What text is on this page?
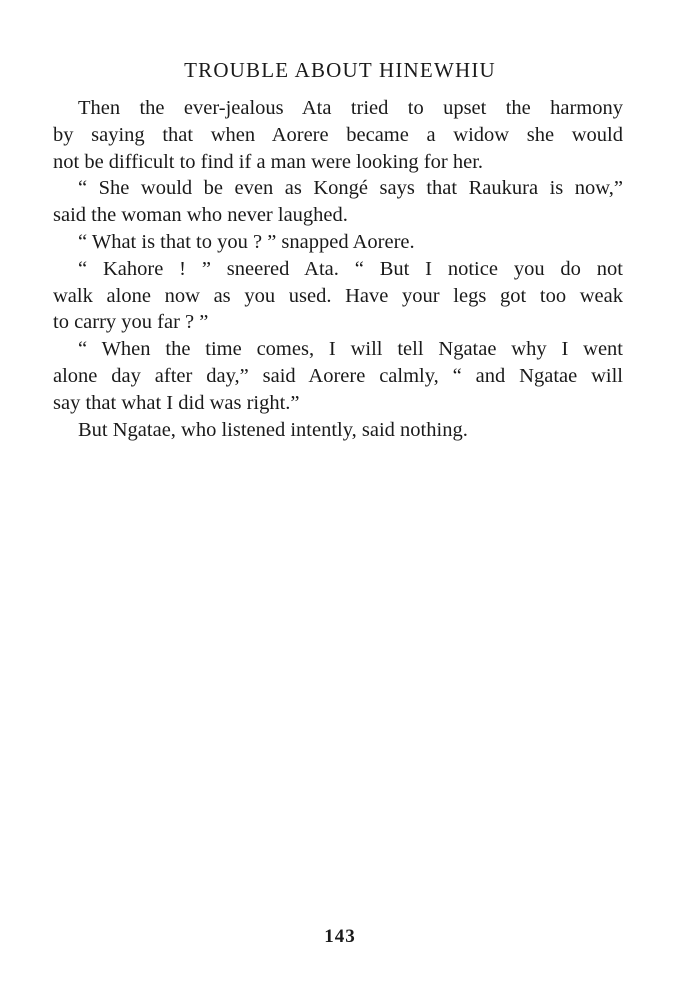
TROUBLE ABOUT HINEWHIU
Then the ever-jealous Ata tried to upset the harmony
by saying that when Aorere became a widow she would
not be difficult to find if a man were looking for her.
“ She would be even as Kongé says that Raukura is now,”
said the woman who never laughed.
“ What is that to you ? ” snapped Aorere.
“ Kahore ! ” sneered Ata. “ But I notice you do not
walk alone now as you used. Have your legs got too weak
to carry you far ? ”
“ When the time comes, I will tell Ngatae why I went
alone day after day,” said Aorere calmly, “ and Ngatae will
say that what I did was right.”
But Ngatae, who listened intently, said nothing.
143
